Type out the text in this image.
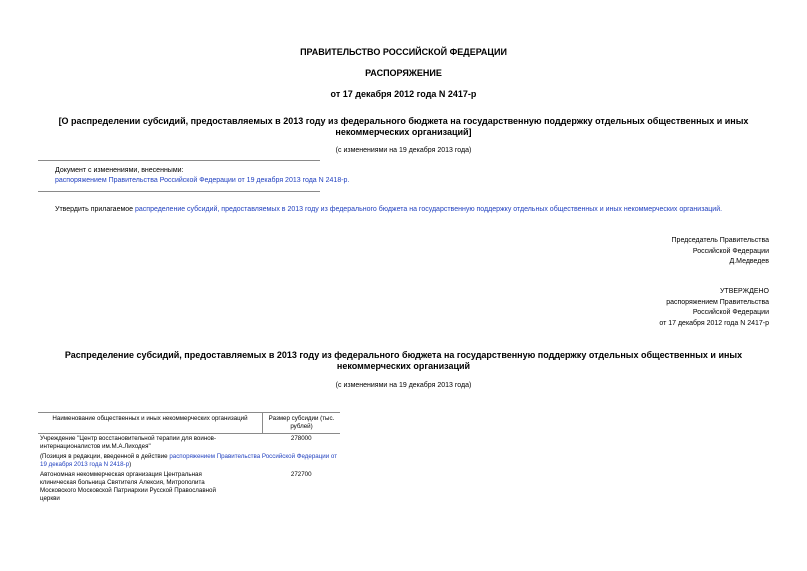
ПРАВИТЕЛЬСТВО РОССИЙСКОЙ ФЕДЕРАЦИИ
РАСПОРЯЖЕНИЕ
от 17 декабря 2012 года N 2417-р
[О распределении субсидий, предоставляемых в 2013 году из федерального бюджета на государственную поддержку отдельных общественных и иных
некоммерческих организаций]
(с изменениями на 19 декабря 2013 года)
Документ с изменениями, внесенными:
распоряжением Правительства Российской Федерации от 19 декабря 2013 года N 2418-р.
Утвердить прилагаемое распределение субсидий, предоставляемых в 2013 году из федерального бюджета на государственную поддержку отдельных общественных и иных некоммерческих организаций.
Председатель Правительства
Российской Федерации
Д.Медведев
УТВЕРЖДЕНО
распоряжением Правительства
Российской Федерации
от 17 декабря 2012 года N 2417-р
Распределение субсидий, предоставляемых в 2013 году из федерального бюджета на государственную поддержку отдельных общественных и иных
некоммерческих организаций
(с изменениями на 19 декабря 2013 года)
Наименование общественных и иных некоммерческих организаций	Размер субсидии (тыс. рублей)
Учреждение "Центр восстановительной терапии для воинов-интернационалистов им.М.А.Лиходея"	278000
(Позиция в редакции, введенной в действие распоряжением Правительства Российской Федерации от 19 декабря 2013 года N 2418-р)	
Автономная некоммерческая организация Центральная клиническая больница Святителя Алексия, Митрополита Московского Московской Патриархии Русской Православной церкви	272700
